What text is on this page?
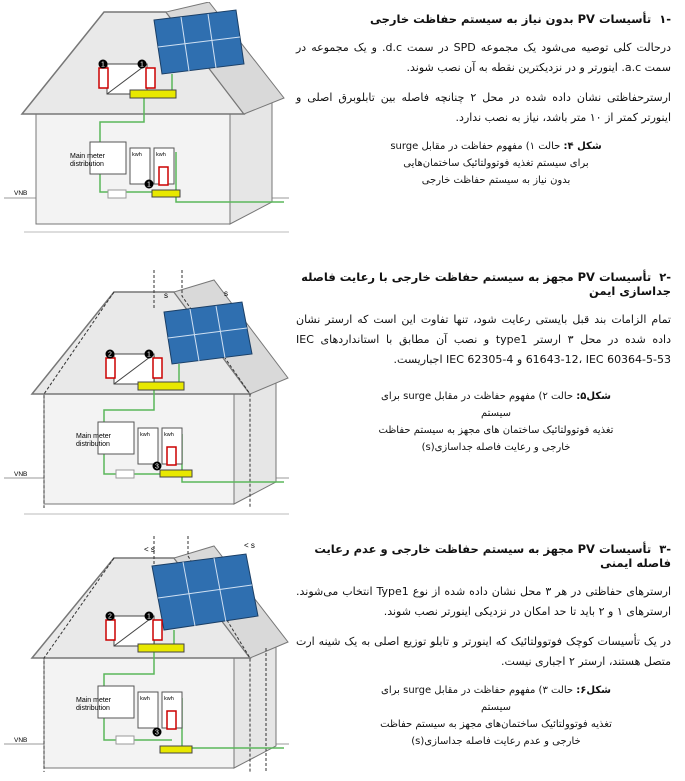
1	1
kwh	kwh
Main meter
distribution
1
VNB

-۱تأسیسات PV بدون نیاز به سیستم حفاظت خارجی

درحالت کلی توصیه می‌شود یک مجموعه SPD در سمت d.c. و یک مجموعه در سمت a.c. اینورتر و در نزدیکترین نقطه به آن نصب شوند.

ارسترحفاظتی نشان داده شده در محل ۲ چنانچه فاصله بین تابلوبرق اصلی و اینورتر کمتر از ۱۰ متر باشد، نیاز به نصب ندارد.

شکل ۴: حالت ۱) مفهوم حفاظت در مقابل surge

برای سیستم تغذیه فوتوولتائیک ساختمان‌هایی

بدون نیاز به سیستم حفاظت خارجی

s	s
2	1
kwh	kwh
Main meter
distribution
3
VNB

-۲تأسیسات PV مجهز به سیستم حفاظت خارجی با رعایت فاصله جداسازی ایمن

تمام الزامات بند قبل بایستی رعایت شود، تنها تفاوت این است که ارستر نشان داده شده در محل ۳ ارستر type1 و نصب آن مطابق با استانداردهای IEC 61643-12، IEC 60364-5-53 و IEC 62305-4 اجباریست.

شکل۵: حالت ۲) مفهوم حفاظت در مقابل surge برای سیستم

تغذیه فوتوولتائیک ساختمان های مجهز به سیستم حفاظت

خارجی و رعایت فاصله جداسازی(s)

< s	< s
2	1
kwh	kwh
Main meter
distribution
3
VNB

-۳تأسیسات PV مجهز به سیستم حفاظت خارجی و عدم رعایت فاصله ایمنی

ارسترهای حفاظتی در هر ۳ محل نشان داده شده از نوع Type1 انتخاب می‌شوند. ارسترهای ۱ و ۲ باید تا حد امکان در نزدیکی اینورتر نصب شوند.

در یک تأسیسات کوچک فوتوولتائیک که اینورتر و تابلو توزیع اصلی به یک شینه ارت متصل هستند، ارستر ۲ اجباری نیست.

شکل۶: حالت ۳) مفهوم حفاظت در مقابل surge برای سیستم

تغذیه فوتوولتائیک ساختمان‌های مجهز به سیستم حفاظت

خارجی و عدم رعایت فاصله جداسازی(s)
